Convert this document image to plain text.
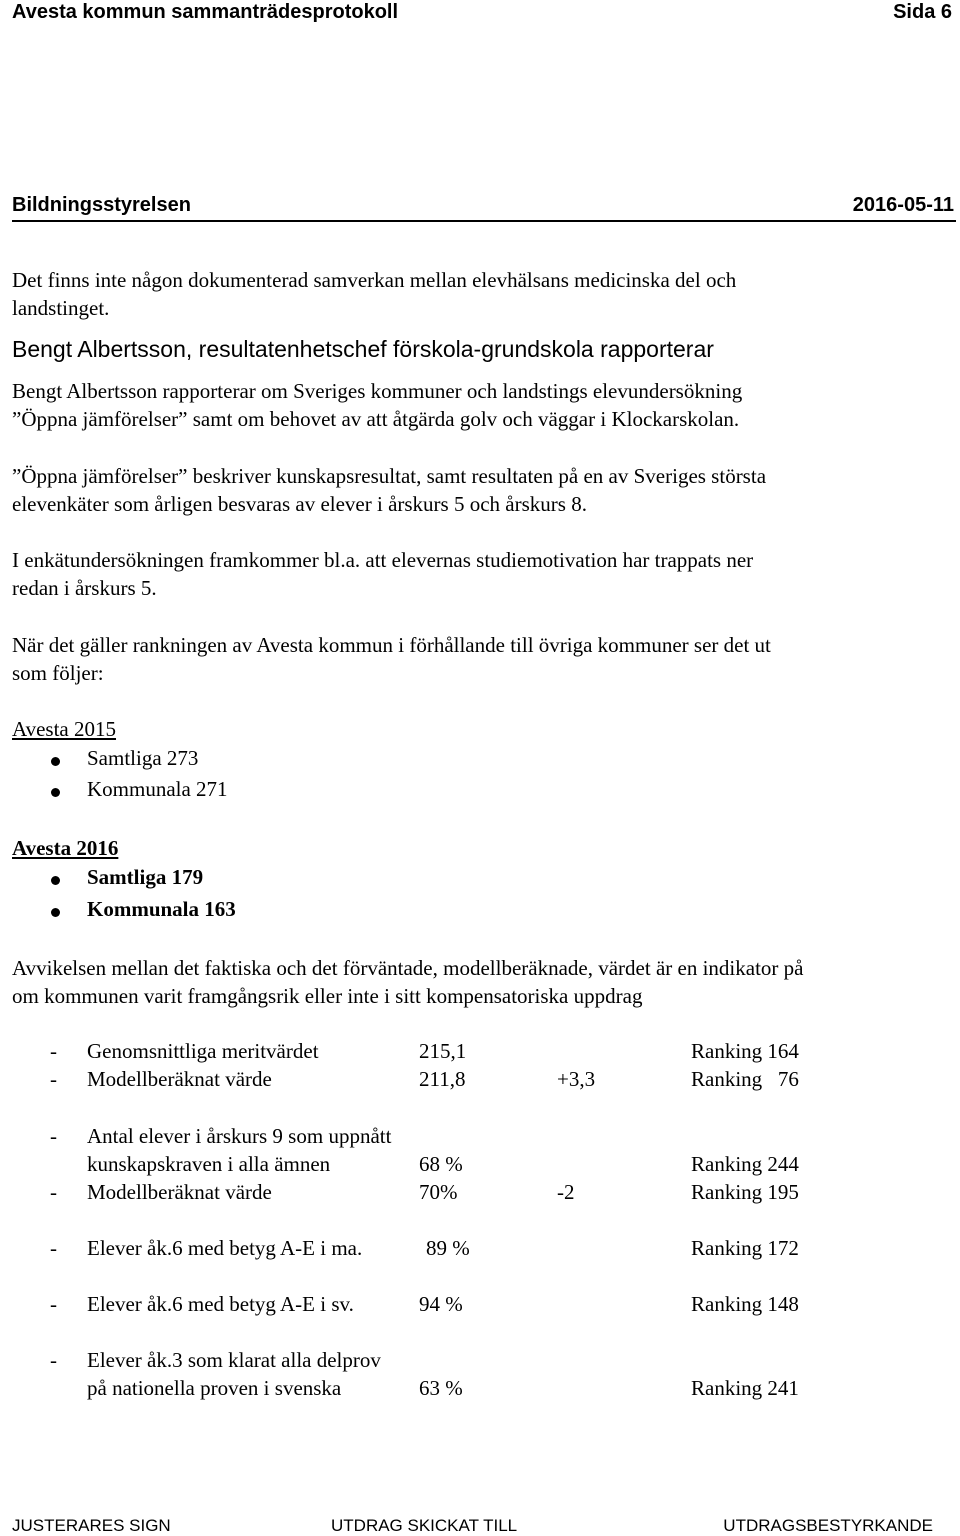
Avesta kommun sammanträdesprotokoll	Sida 6
Bildningsstyrelsen	2016-05-11
Det finns inte någon dokumenterad samverkan mellan elevhälsans medicinska del och
landstinget.
Bengt Albertsson, resultatenhetschef förskola-grundskola rapporterar
Bengt Albertsson rapporterar om Sveriges kommuner och landstings elevundersökning
”Öppna jämförelser” samt om behovet av att åtgärda golv och väggar i Klockarskolan.
”Öppna jämförelser” beskriver kunskapsresultat, samt resultaten på en av Sveriges största
elevenkäter som årligen besvaras av elever i årskurs 5 och årskurs 8.
I enkätundersökningen framkommer bl.a. att elevernas studiemotivation har trappats ner
redan i årskurs 5.
När det gäller rankningen av Avesta kommun i förhållande till övriga kommuner ser det ut
som följer:
Avesta 2015
Samtliga 273
Kommunala 271
Avesta 2016
Samtliga 179
Kommunala 163
Avvikelsen mellan det faktiska och det förväntade, modellberäknade, värdet är en indikator på
om kommunen varit framgångsrik eller inte i sitt kompensatoriska uppdrag
- Genomsnittliga meritvärdet	215,1	Ranking 164
- Modellberäknat värde	211,8	+3,3	Ranking   76
- Antal elever i årskurs 9 som uppnått
kunskapskraven i alla ämnen	68 %	Ranking 244
- Modellberäknat värde	70%	-2	Ranking 195
- Elever åk.6 med betyg A-E i ma.	89 %	Ranking 172
- Elever åk.6 med betyg A-E i sv.	94 %	Ranking 148
- Elever åk.3 som klarat alla delprov
på nationella proven i svenska	63 %	Ranking 241
JUSTERARES SIGN	UTDRAG SKICKAT TILL	UTDRAGSBESTYRKANDE
